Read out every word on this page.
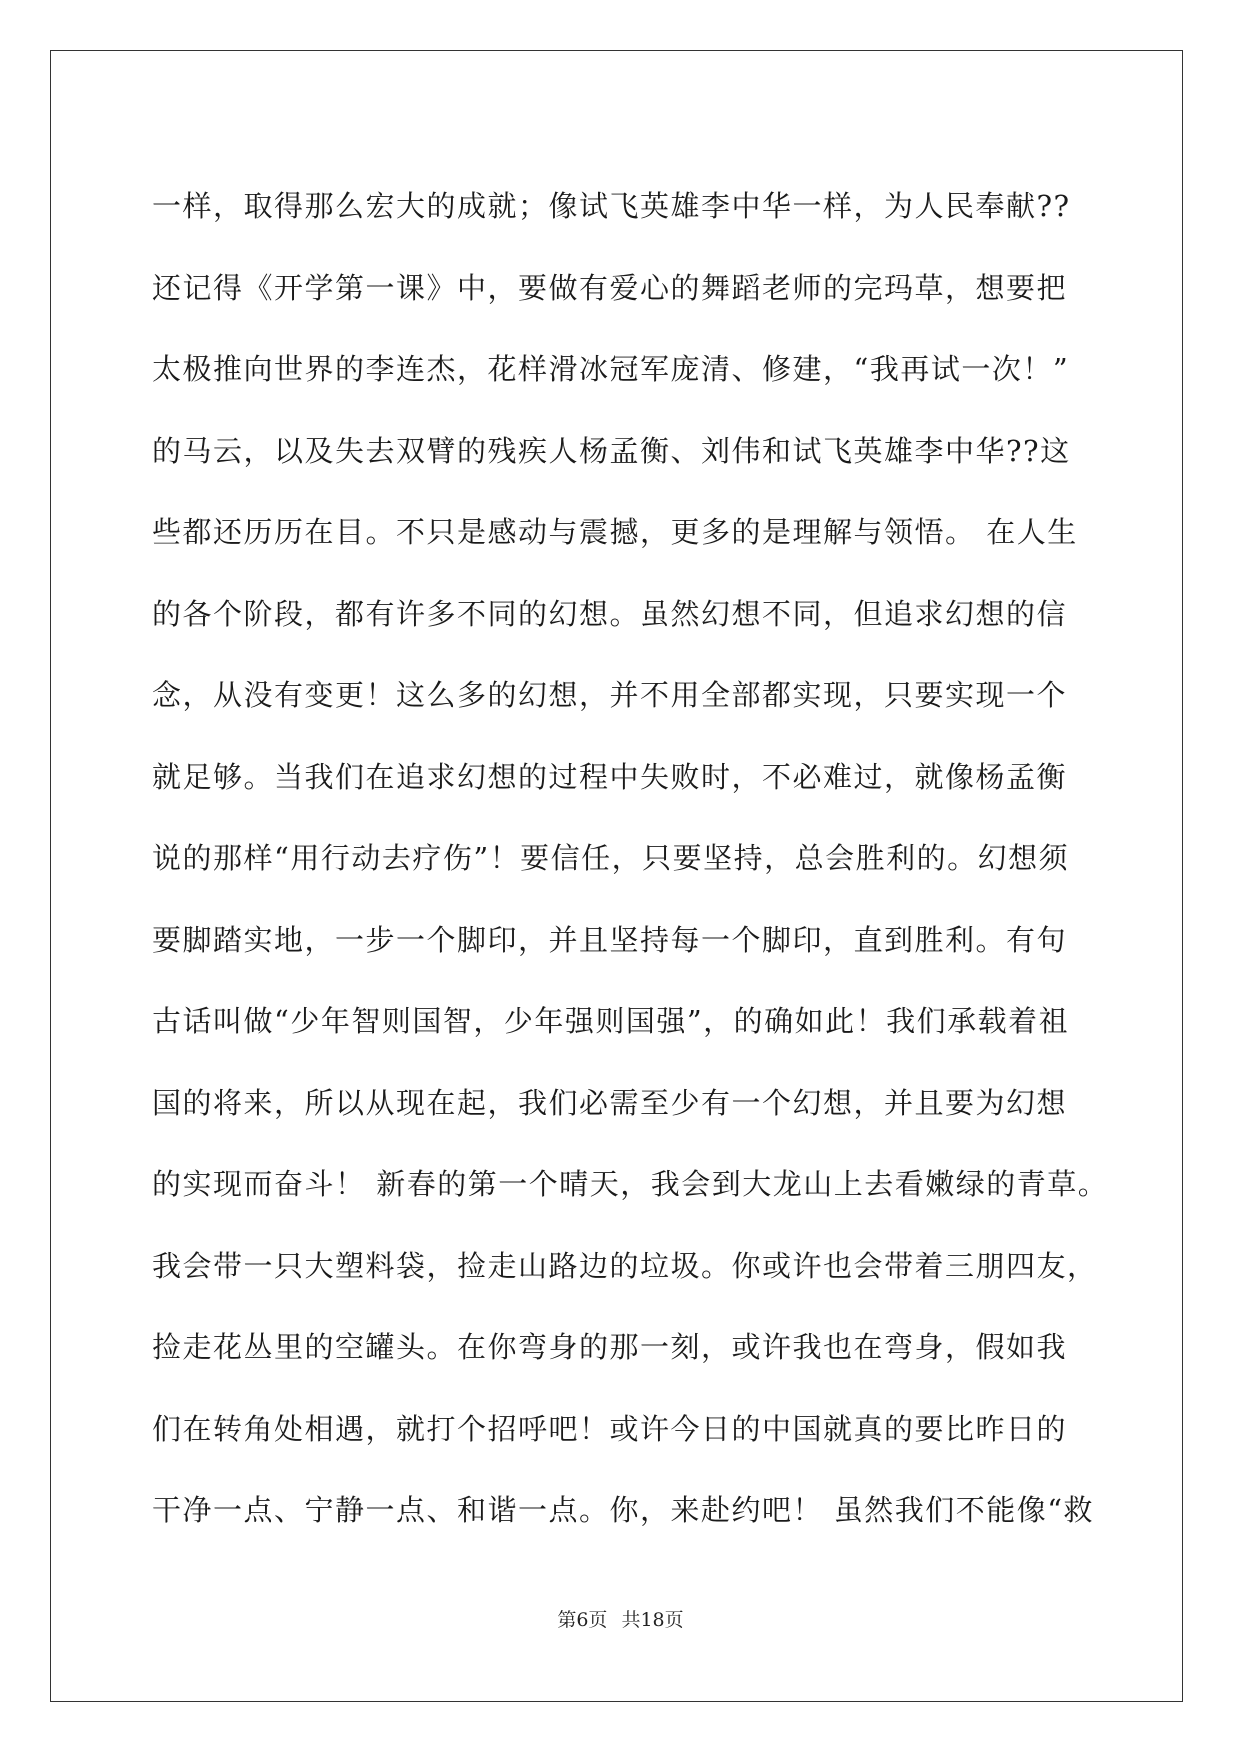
一样，取得那么宏大的成就；像试飞英雄李中华一样，为人民奉献??
还记得《开学第一课》中，要做有爱心的舞蹈老师的完玛草，想要把
太极推向世界的李连杰，花样滑冰冠军庞清、修建，“我再试一次！”
的马云，以及失去双臂的残疾人杨孟衡、刘伟和试飞英雄李中华??这
些都还历历在目。不只是感动与震撼，更多的是理解与领悟。 在人生
的各个阶段，都有许多不同的幻想。虽然幻想不同，但追求幻想的信
念，从没有变更！这么多的幻想，并不用全部都实现，只要实现一个
就足够。当我们在追求幻想的过程中失败时，不必难过，就像杨孟衡
说的那样“用行动去疗伤”！要信任，只要坚持，总会胜利的。幻想须
要脚踏实地，一步一个脚印，并且坚持每一个脚印，直到胜利。有句
古话叫做“少年智则国智，少年强则国强”，的确如此！我们承载着祖
国的将来，所以从现在起，我们必需至少有一个幻想，并且要为幻想
的实现而奋斗！ 新春的第一个晴天，我会到大龙山上去看嫩绿的青草。
我会带一只大塑料袋，捡走山路边的垃圾。你或许也会带着三朋四友，
捡走花丛里的空罐头。在你弯身的那一刻，或许我也在弯身，假如我
们在转角处相遇，就打个招呼吧！或许今日的中国就真的要比昨日的
干净一点、宁静一点、和谐一点。你，来赴约吧！ 虽然我们不能像“救
第6页 共18页
